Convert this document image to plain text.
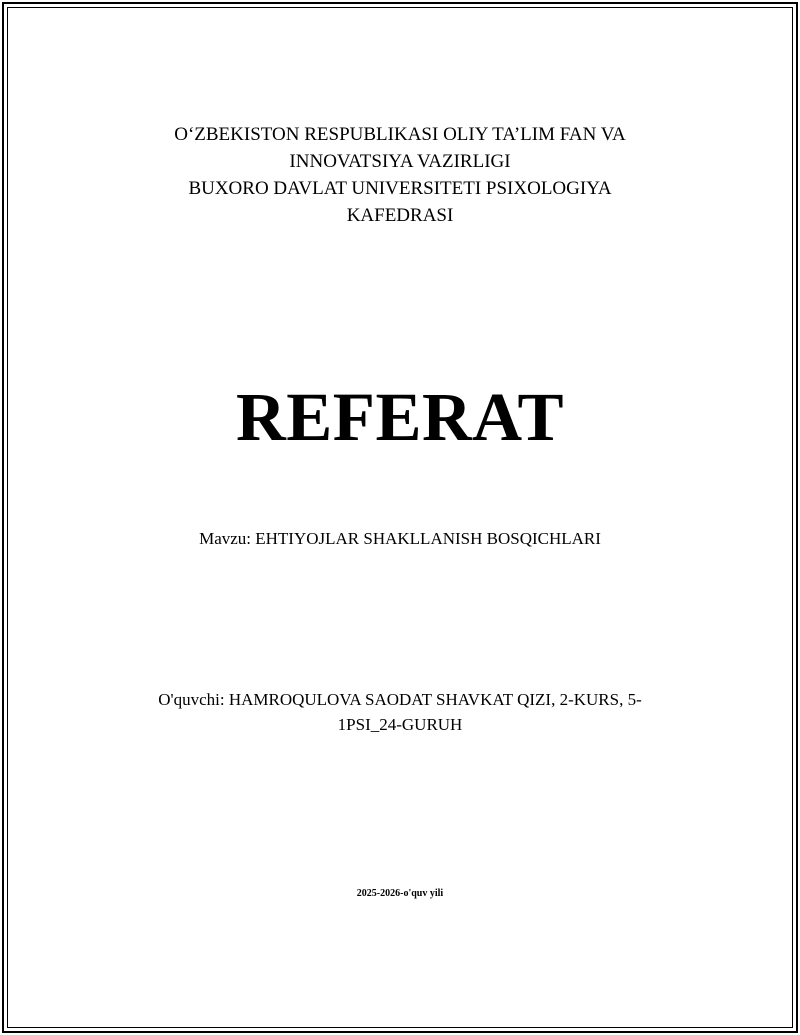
O‘ZBEKISTON RESPUBLIKASI OLIY TA’LIM FAN VA
INNOVATSIYA VAZIRLIGI
BUXORO DAVLAT UNIVERSITETI PSIXOLOGIYA
KAFEDRASI
REFERAT
Mavzu: EHTIYOJLAR SHAKLLANISH BOSQICHLARI
O'quvchi: HAMROQULOVA SAODAT SHAVKAT QIZI, 2-KURS, 5-
1PSI_24-GURUH
2025-2026-o'quv yili
